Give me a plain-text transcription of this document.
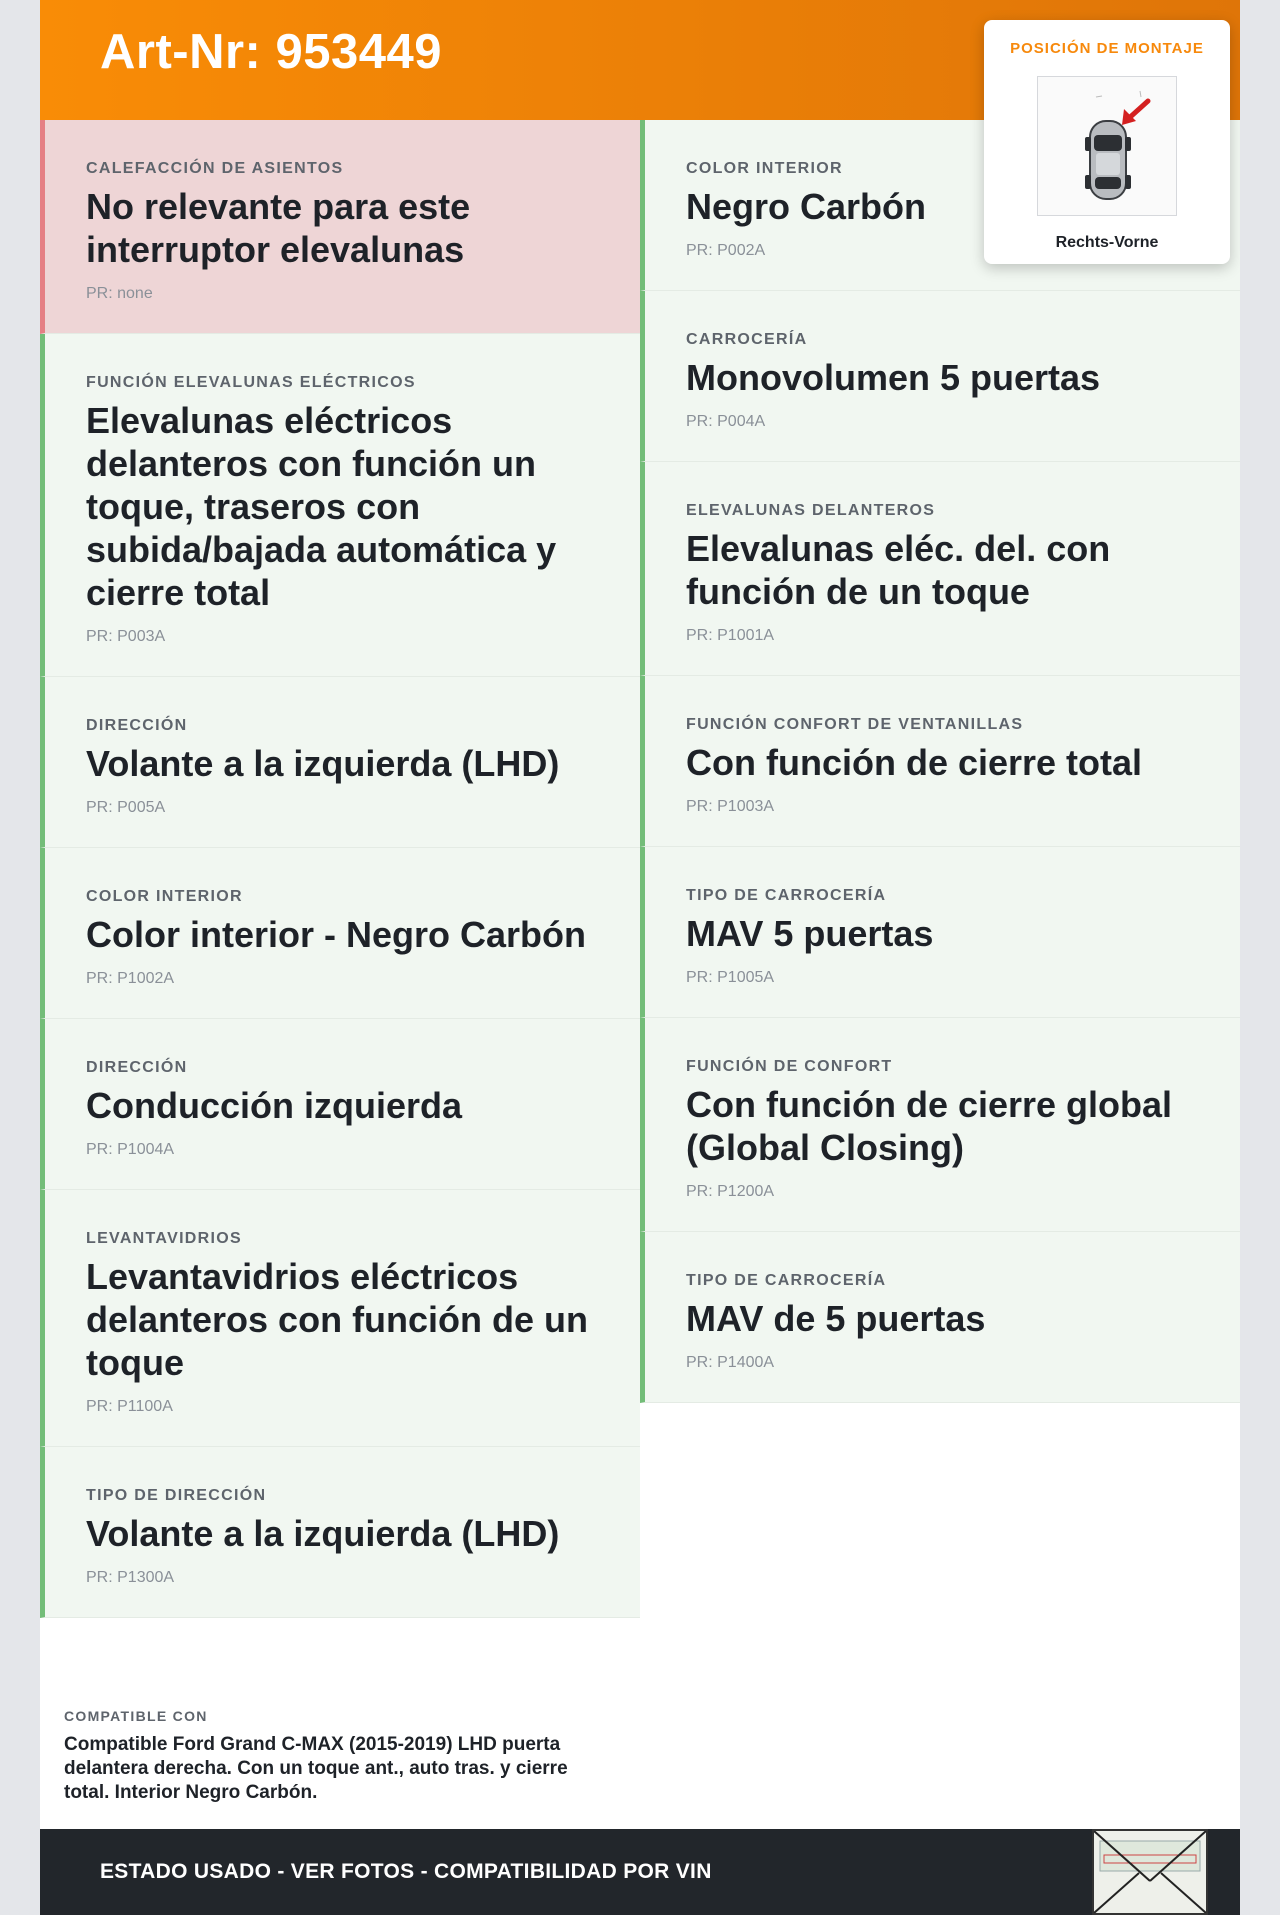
Art-Nr: 953449	POSICIÓN DE MONTAJE
Rechts-Vorne
CALEFACCIÓN DE ASIENTOS
No relevante para este interruptor elevalunas
PR: none
FUNCIÓN ELEVALUNAS ELÉCTRICOS
Elevalunas eléctricos delanteros con función un toque, traseros con subida/bajada automática y cierre total
PR: P003A
DIRECCIÓN
Volante a la izquierda (LHD)
PR: P005A
COLOR INTERIOR
Color interior - Negro Carbón
PR: P1002A
DIRECCIÓN
Conducción izquierda
PR: P1004A
LEVANTAVIDRIOS
Levantavidrios eléctricos delanteros con función de un toque
PR: P1100A
TIPO DE DIRECCIÓN
Volante a la izquierda (LHD)
PR: P1300A
COLOR INTERIOR
Negro Carbón
PR: P002A
CARROCERÍA
Monovolumen 5 puertas
PR: P004A
ELEVALUNAS DELANTEROS
Elevalunas eléc. del. con función de un toque
PR: P1001A
FUNCIÓN CONFORT DE VENTANILLAS
Con función de cierre total
PR: P1003A
TIPO DE CARROCERÍA
MAV 5 puertas
PR: P1005A
FUNCIÓN DE CONFORT
Con función de cierre global (Global Closing)
PR: P1200A
TIPO DE CARROCERÍA
MAV de 5 puertas
PR: P1400A
COMPATIBLE CON
Compatible Ford Grand C-MAX (2015-2019) LHD puerta delantera derecha. Con un toque ant., auto tras. y cierre total. Interior Negro Carbón.
ESTADO USADO - VER FOTOS - COMPATIBILIDAD POR VIN
